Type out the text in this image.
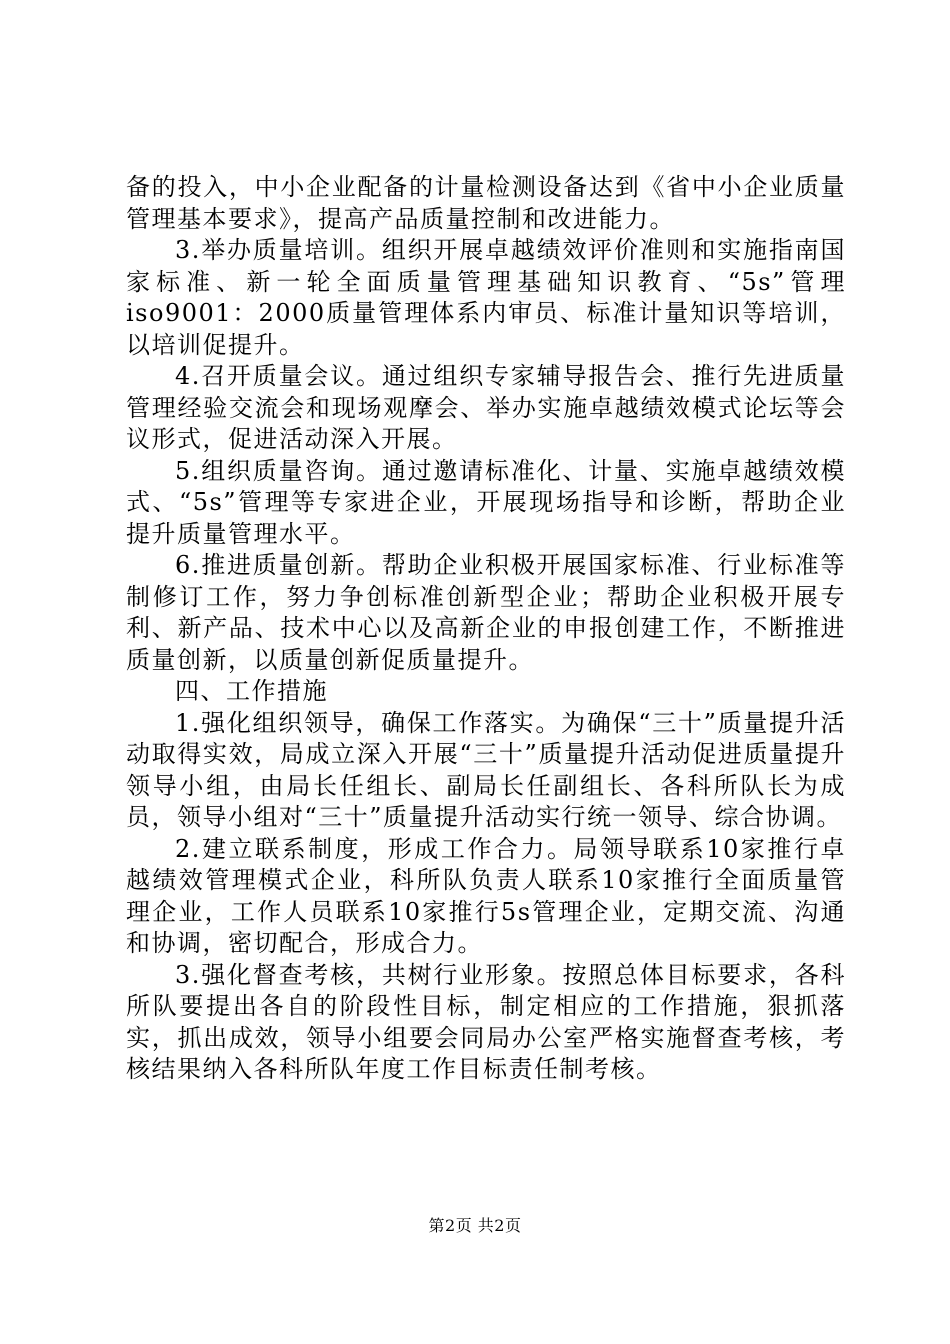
备的投入，中小企业配备的计量检测设备达到《省中小企业质量管理基本要求》，提高产品质量控制和改进能力。

3.举办质量培训。组织开展卓越绩效评价准则和实施指南国家标准、新一轮全面质量管理基础知识教育、“5s”管理iso9001：2000质量管理体系内审员、标准计量知识等培训，以培训促提升。

4.召开质量会议。通过组织专家辅导报告会、推行先进质量管理经验交流会和现场观摩会、举办实施卓越绩效模式论坛等会议形式，促进活动深入开展。

5.组织质量咨询。通过邀请标准化、计量、实施卓越绩效模式、“5s”管理等专家进企业，开展现场指导和诊断，帮助企业提升质量管理水平。

6.推进质量创新。帮助企业积极开展国家标准、行业标准等制修订工作，努力争创标准创新型企业；帮助企业积极开展专利、新产品、技术中心以及高新企业的申报创建工作，不断推进质量创新，以质量创新促质量提升。

四、工作措施

1.强化组织领导，确保工作落实。为确保“三十”质量提升活动取得实效，局成立深入开展“三十”质量提升活动促进质量提升领导小组，由局长任组长、副局长任副组长、各科所队长为成员，领导小组对“三十”质量提升活动实行统一领导、综合协调。

2.建立联系制度，形成工作合力。局领导联系10家推行卓越绩效管理模式企业，科所队负责人联系10家推行全面质量管理企业，工作人员联系10家推行5s管理企业，定期交流、沟通和协调，密切配合，形成合力。

3.强化督查考核，共树行业形象。按照总体目标要求，各科所队要提出各自的阶段性目标，制定相应的工作措施，狠抓落实，抓出成效，领导小组要会同局办公室严格实施督查考核，考核结果纳入各科所队年度工作目标责任制考核。

第2页 共2页
